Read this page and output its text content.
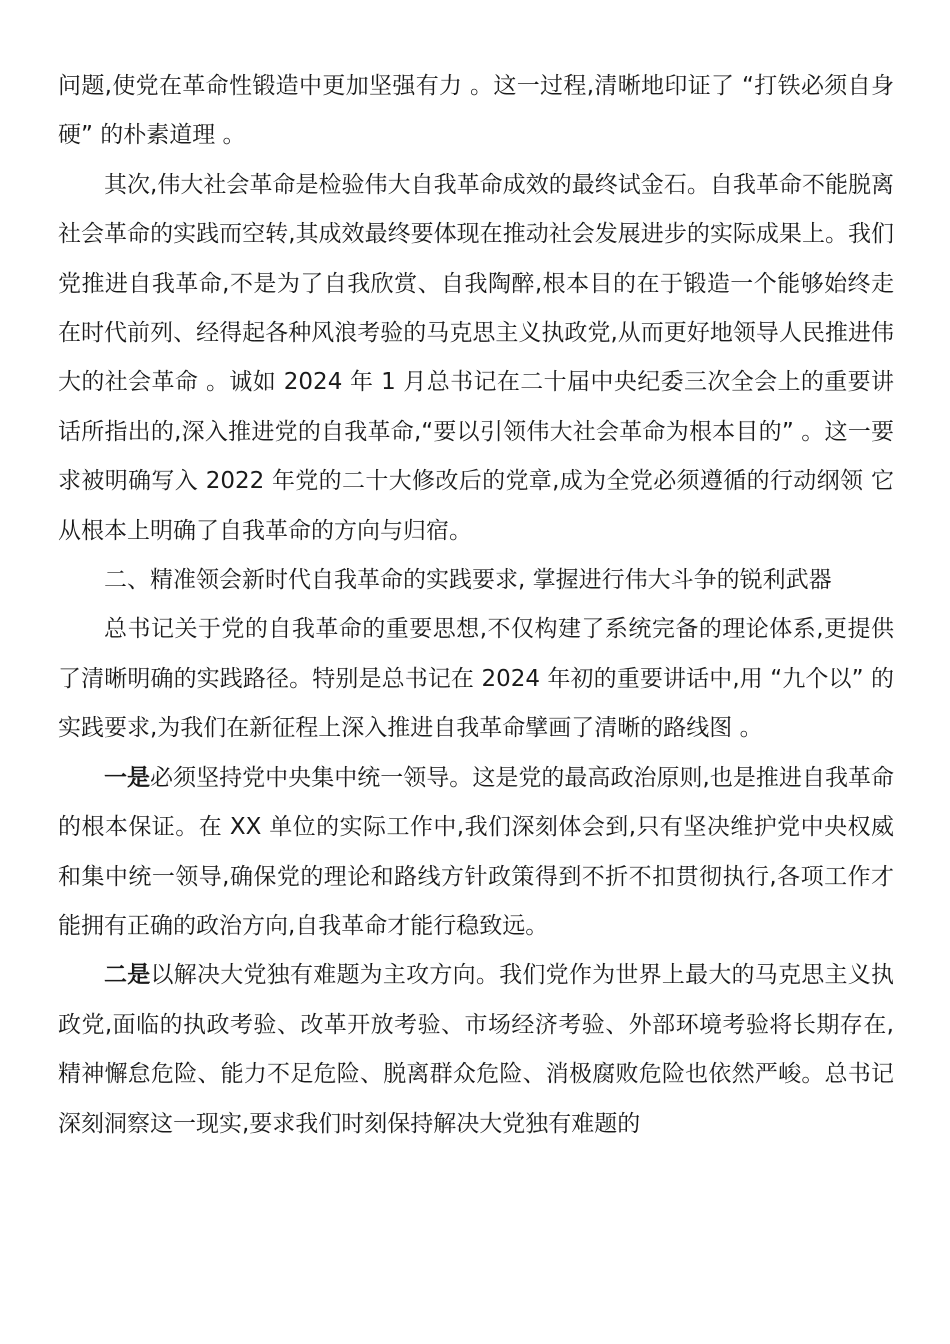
问题,使党在革命性锻造中更加坚强有力 。这一过程,清晰地印证了 “打铁必须自身硬” 的朴素道理 。

其次,伟大社会革命是检验伟大自我革命成效的最终试金石。自我革命不能脱离社会革命的实践而空转,其成效最终要体现在推动社会发展进步的实际成果上。我们党推进自我革命,不是为了自我欣赏、自我陶醉,根本目的在于锻造一个能够始终走在时代前列、经得起各种风浪考验的马克思主义执政党,从而更好地领导人民推进伟大的社会革命 。诚如 2024 年 1 月总书记在二十届中央纪委三次全会上的重要讲话所指出的,深入推进党的自我革命,“要以引领伟大社会革命为根本目的” 。这一要求被明确写入 2022 年党的二十大修改后的党章,成为全党必须遵循的行动纲领 它从根本上明确了自我革命的方向与归宿。

二、精准领会新时代自我革命的实践要求, 掌握进行伟大斗争的锐利武器

总书记关于党的自我革命的重要思想,不仅构建了系统完备的理论体系,更提供了清晰明确的实践路径。特别是总书记在 2024 年初的重要讲话中,用 “九个以” 的实践要求,为我们在新征程上深入推进自我革命擘画了清晰的路线图 。

一是必须坚持党中央集中统一领导。这是党的最高政治原则,也是推进自我革命的根本保证。在 XX 单位的实际工作中,我们深刻体会到,只有坚决维护党中央权威和集中统一领导,确保党的理论和路线方针政策得到不折不扣贯彻执行,各项工作才能拥有正确的政治方向,自我革命才能行稳致远。

二是以解决大党独有难题为主攻方向。我们党作为世界上最大的马克思主义执政党,面临的执政考验、改革开放考验、市场经济考验、外部环境考验将长期存在,精神懈怠危险、能力不足危险、脱离群众危险、消极腐败危险也依然严峻。总书记深刻洞察这一现实,要求我们时刻保持解决大党独有难题的
